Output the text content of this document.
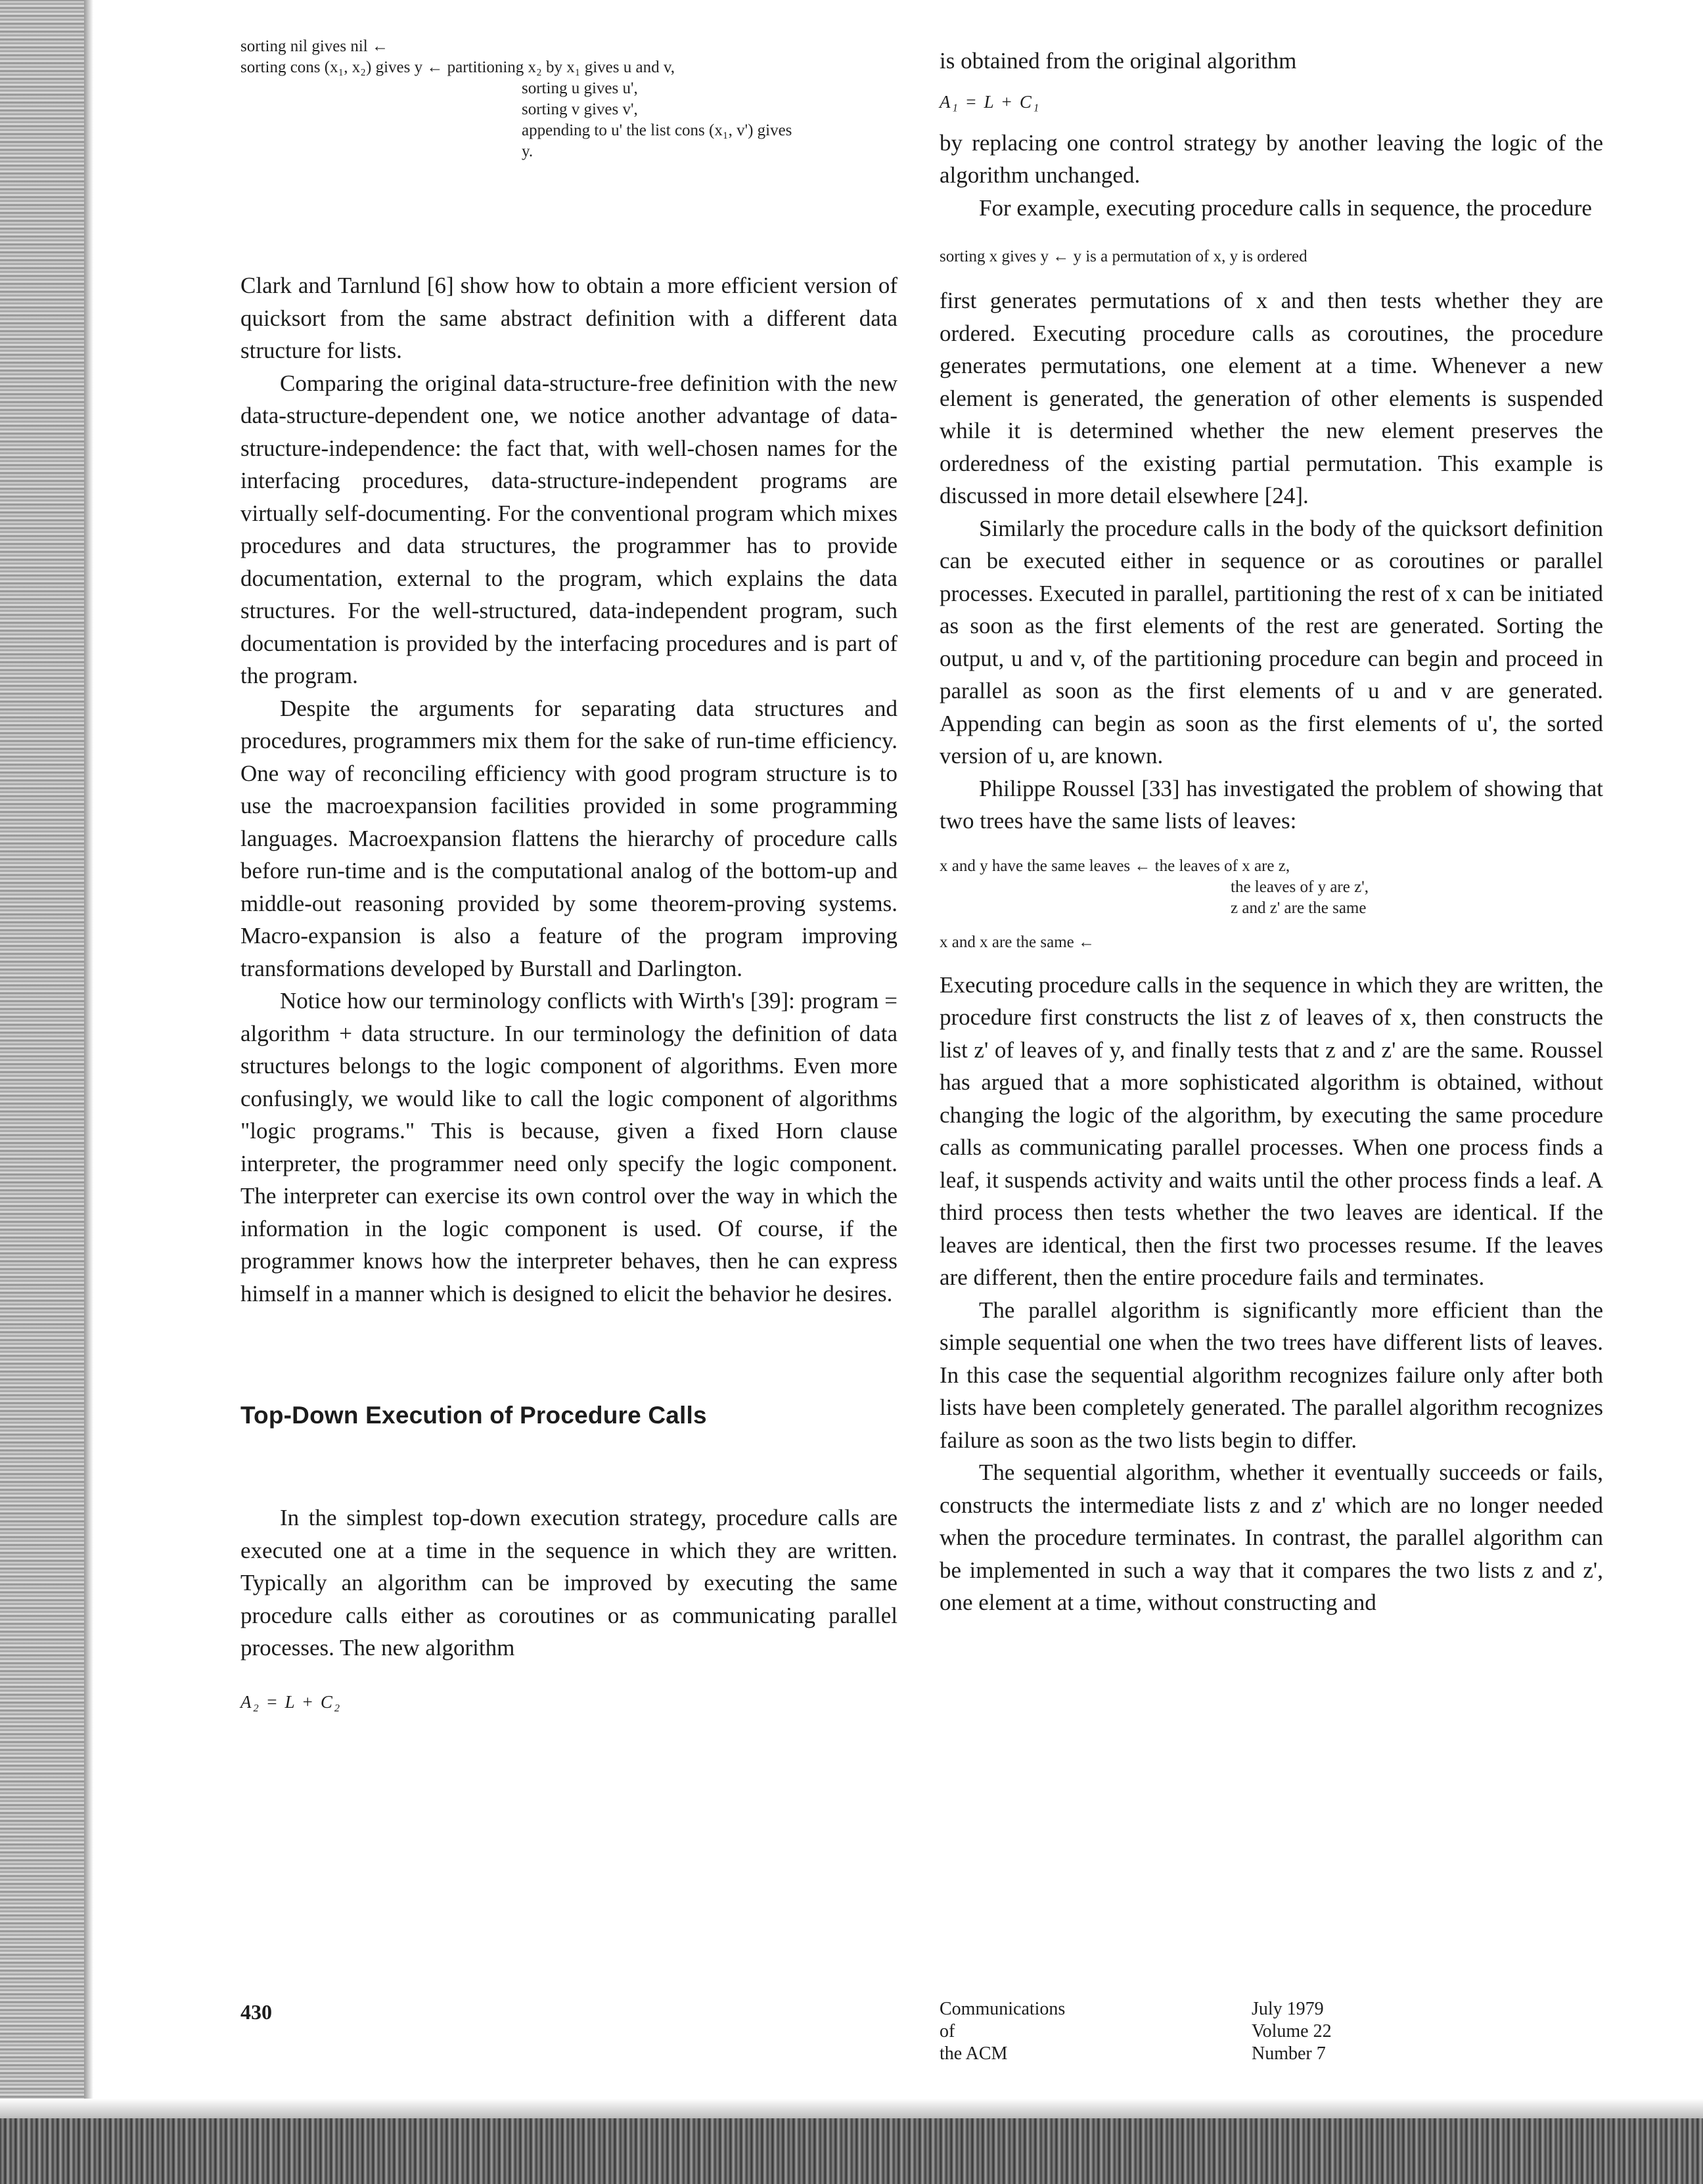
sorting nil gives nil ←
sorting cons (x₁, x₂) gives y ← partitioning x₂ by x₁ gives u and v,
sorting u gives u',
sorting v gives v',
appending to u' the list cons (x₁, v') gives
y.

Clark and Tarnlund [6] show how to obtain a more efficient version of quicksort from the same abstract definition with a different data structure for lists.

Comparing the original data-structure-free definition with the new data-structure-dependent one, we notice another advantage of data-structure-independence: the fact that, with well-chosen names for the interfacing procedures, data-structure-independent programs are virtually self-documenting. For the conventional program which mixes procedures and data structures, the programmer has to provide documentation, external to the program, which explains the data structures. For the well-structured, data-independent program, such documentation is provided by the interfacing procedures and is part of the program.

Despite the arguments for separating data structures and procedures, programmers mix them for the sake of run-time efficiency. One way of reconciling efficiency with good program structure is to use the macroexpansion facilities provided in some programming languages. Macroexpansion flattens the hierarchy of procedure calls before run-time and is the computational analog of the bottom-up and middle-out reasoning provided by some theorem-proving systems. Macro-expansion is also a feature of the program improving transformations developed by Burstall and Darlington.

Notice how our terminology conflicts with Wirth's [39]: program = algorithm + data structure. In our terminology the definition of data structures belongs to the logic component of algorithms. Even more confusingly, we would like to call the logic component of algorithms "logic programs." This is because, given a fixed Horn clause interpreter, the programmer need only specify the logic component. The interpreter can exercise its own control over the way in which the information in the logic component is used. Of course, if the programmer knows how the interpreter behaves, then he can express himself in a manner which is designed to elicit the behavior he desires.

Top-Down Execution of Procedure Calls

In the simplest top-down execution strategy, procedure calls are executed one at a time in the sequence in which they are written. Typically an algorithm can be improved by executing the same procedure calls either as coroutines or as communicating parallel processes. The new algorithm

A₂ = L + C₂
430

is obtained from the original algorithm

A₁ = L + C₁

by replacing one control strategy by another leaving the logic of the algorithm unchanged.

For example, executing procedure calls in sequence, the procedure

sorting x gives y ← y is a permutation of x, y is ordered

first generates permutations of x and then tests whether they are ordered. Executing procedure calls as coroutines, the procedure generates permutations, one element at a time. Whenever a new element is generated, the generation of other elements is suspended while it is determined whether the new element preserves the orderedness of the existing partial permutation. This example is discussed in more detail elsewhere [24].

Similarly the procedure calls in the body of the quicksort definition can be executed either in sequence or as coroutines or parallel processes. Executed in parallel, partitioning the rest of x can be initiated as soon as the first elements of the rest are generated. Sorting the output, u and v, of the partitioning procedure can begin and proceed in parallel as soon as the first elements of u and v are generated. Appending can begin as soon as the first elements of u', the sorted version of u, are known.

Philippe Roussel [33] has investigated the problem of showing that two trees have the same lists of leaves:

x and y have the same leaves ← the leaves of x are z,
the leaves of y are z',
z and z' are the same
x and x are the same ←

Executing procedure calls in the sequence in which they are written, the procedure first constructs the list z of leaves of x, then constructs the list z' of leaves of y, and finally tests that z and z' are the same. Roussel has argued that a more sophisticated algorithm is obtained, without changing the logic of the algorithm, by executing the same procedure calls as communicating parallel processes. When one process finds a leaf, it suspends activity and waits until the other process finds a leaf. A third process then tests whether the two leaves are identical. If the leaves are identical, then the first two processes resume. If the leaves are different, then the entire procedure fails and terminates.

The parallel algorithm is significantly more efficient than the simple sequential one when the two trees have different lists of leaves. In this case the sequential algorithm recognizes failure only after both lists have been completely generated. The parallel algorithm recognizes failure as soon as the two lists begin to differ.

The sequential algorithm, whether it eventually succeeds or fails, constructs the intermediate lists z and z' which are no longer needed when the procedure terminates. In contrast, the parallel algorithm can be implemented in such a way that it compares the two lists z and z', one element at a time, without constructing and

Communications
of
the ACM
July 1979
Volume 22
Number 7
